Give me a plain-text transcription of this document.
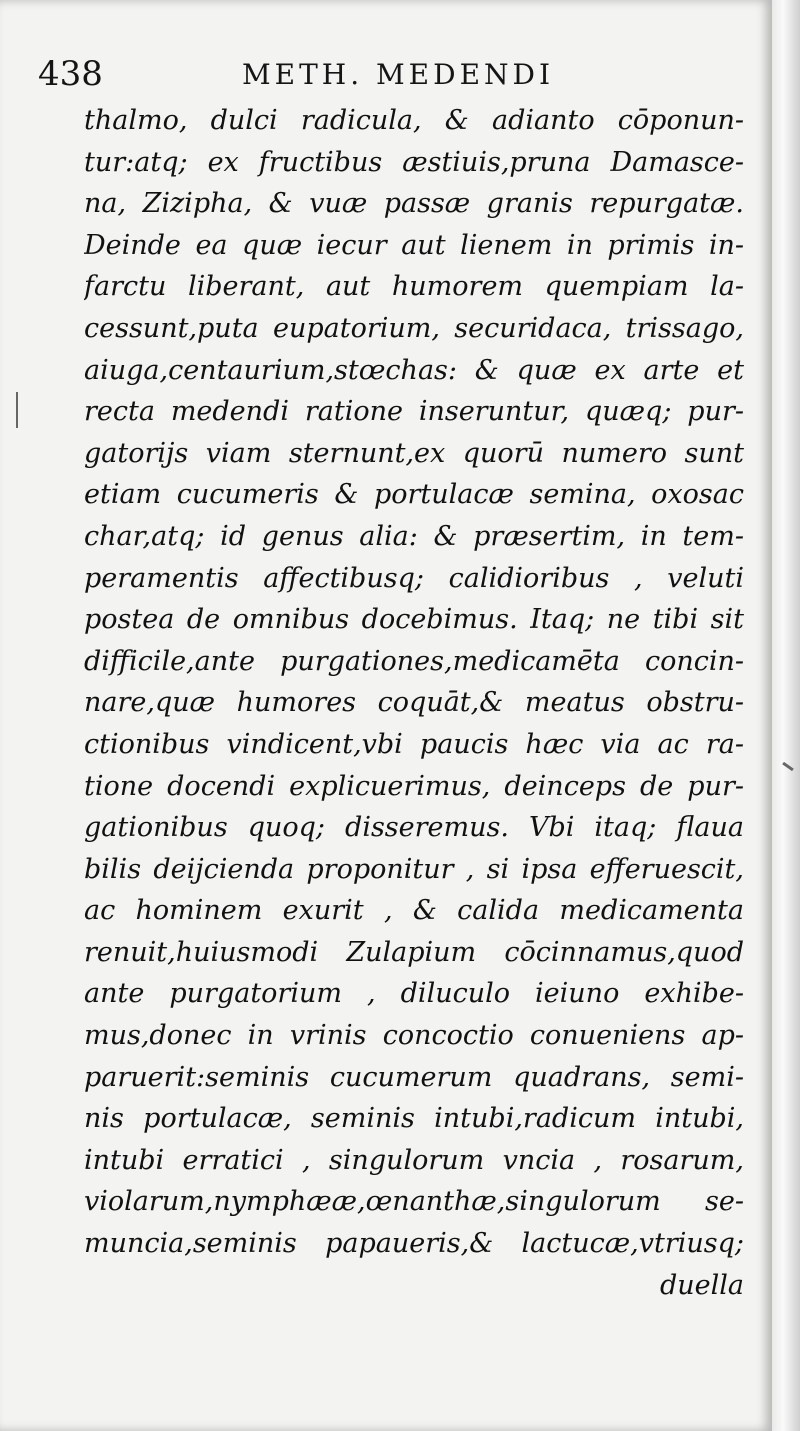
438	METH. MEDENDI
thalmo, dulci radicula, & adianto cōponun-
tur:atq; ex fructibus æstiuis,pruna Damasce-
na, Zizipha, & vuæ passæ granis repurgatæ.
Deinde ea quæ iecur aut lienem in primis in-
farctu liberant, aut humorem quempiam la-
cessunt,puta eupatorium, securidaca, trissago,
aiuga,centaurium,stœchas: & quæ ex arte et
recta medendi ratione inseruntur, quæq; pur-
gatorijs viam sternunt,ex quorū numero sunt
etiam cucumeris & portulacæ semina, oxosac
char,atq; id genus alia: & præsertim, in tem-
peramentis affectibusq; calidioribus , veluti
postea de omnibus docebimus. Itaq; ne tibi sit
difficile,ante purgationes,medicamēta concin-
nare,quæ humores coquāt,& meatus obstru-
ctionibus vindicent,vbi paucis hæc via ac ra-
tione docendi explicuerimus, deinceps de pur-
gationibus quoq; disseremus. Vbi itaq; flaua
bilis deijcienda proponitur , si ipsa efferuescit,
ac hominem exurit , & calida medicamenta
renuit,huiusmodi Zulapium cōcinnamus,quod
ante purgatorium , diluculo ieiuno exhibe-
mus,donec in vrinis concoctio conueniens ap-
paruerit:seminis cucumerum quadrans, semi-
nis portulacæ, seminis intubi,radicum intubi,
intubi erratici , singulorum vncia , rosarum,
violarum,nymphææ,œnanthæ,singulorum se-
muncia,seminis papaueris,& lactucæ,vtriusq;
duella
